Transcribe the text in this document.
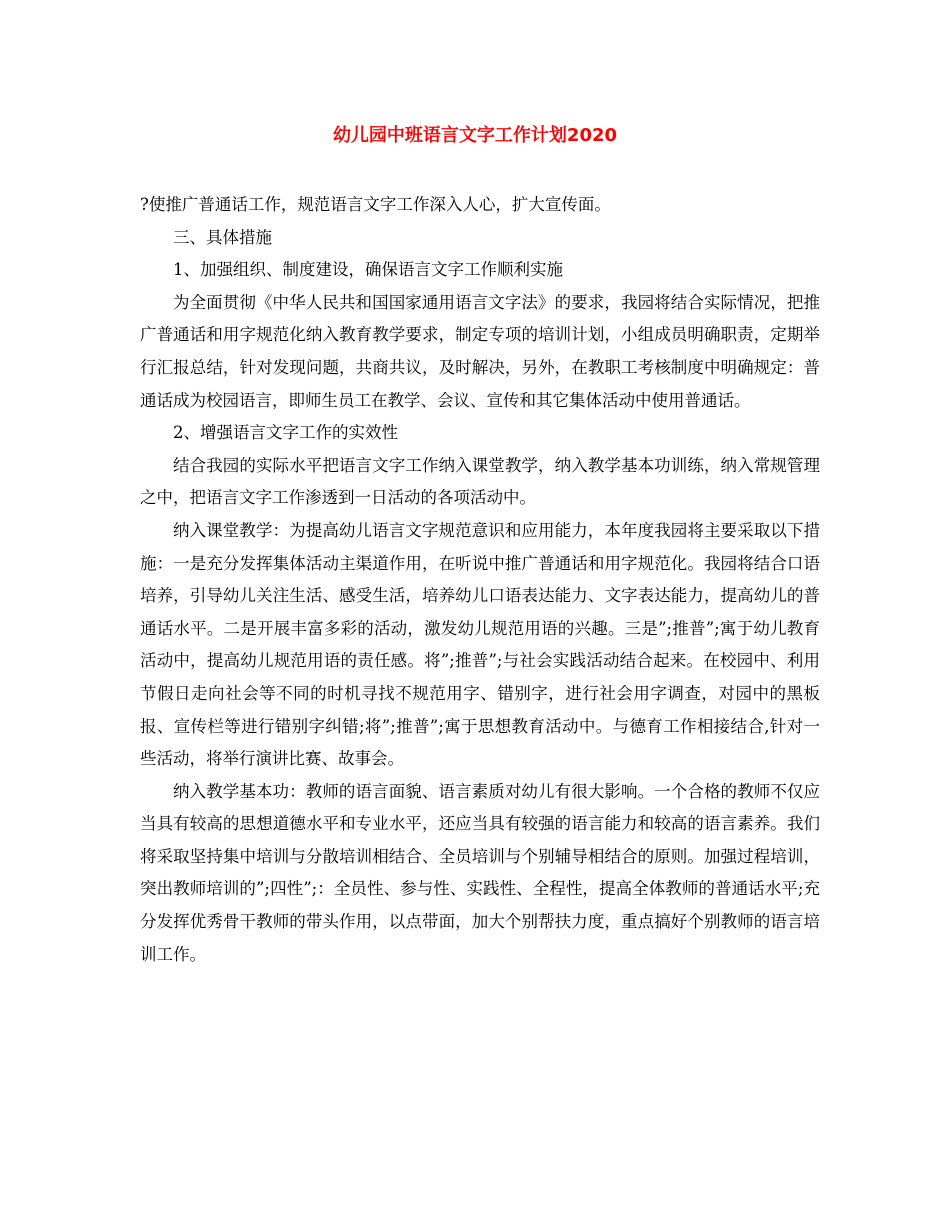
幼儿园中班语言文字工作计划2020

?使推广普通话工作，规范语言文字工作深入人心，扩大宣传面。

三、具体措施

1、加强组织、制度建设，确保语言文字工作顺利实施

为全面贯彻《中华人民共和国国家通用语言文字法》的要求，我园将结合实际情况，把推广普通话和用字规范化纳入教育教学要求，制定专项的培训计划，小组成员明确职责，定期举行汇报总结，针对发现问题，共商共议，及时解决，另外，在教职工考核制度中明确规定：普通话成为校园语言，即师生员工在教学、会议、宣传和其它集体活动中使用普通话。

2、增强语言文字工作的实效性

结合我园的实际水平把语言文字工作纳入课堂教学，纳入教学基本功训练，纳入常规管理之中，把语言文字工作渗透到一日活动的各项活动中。

纳入课堂教学：为提高幼儿语言文字规范意识和应用能力，本年度我园将主要采取以下措施：一是充分发挥集体活动主渠道作用，在听说中推广普通话和用字规范化。我园将结合口语培养，引导幼儿关注生活、感受生活，培养幼儿口语表达能力、文字表达能力，提高幼儿的普通话水平。二是开展丰富多彩的活动，激发幼儿规范用语的兴趣。三是”;推普”;寓于幼儿教育活动中，提高幼儿规范用语的责任感。将”;推普”;与社会实践活动结合起来。在校园中、利用节假日走向社会等不同的时机寻找不规范用字、错别字，进行社会用字调查，对园中的黑板报、宣传栏等进行错别字纠错;将”;推普”;寓于思想教育活动中。与德育工作相接结合,针对一些活动，将举行演讲比赛、故事会。

纳入教学基本功：教师的语言面貌、语言素质对幼儿有很大影响。一个合格的教师不仅应当具有较高的思想道德水平和专业水平，还应当具有较强的语言能力和较高的语言素养。我们将采取坚持集中培训与分散培训相结合、全员培训与个别辅导相结合的原则。加强过程培训，突出教师培训的”;四性”;：全员性、参与性、实践性、全程性，提高全体教师的普通话水平;充分发挥优秀骨干教师的带头作用，以点带面，加大个别帮扶力度，重点搞好个别教师的语言培训工作。
